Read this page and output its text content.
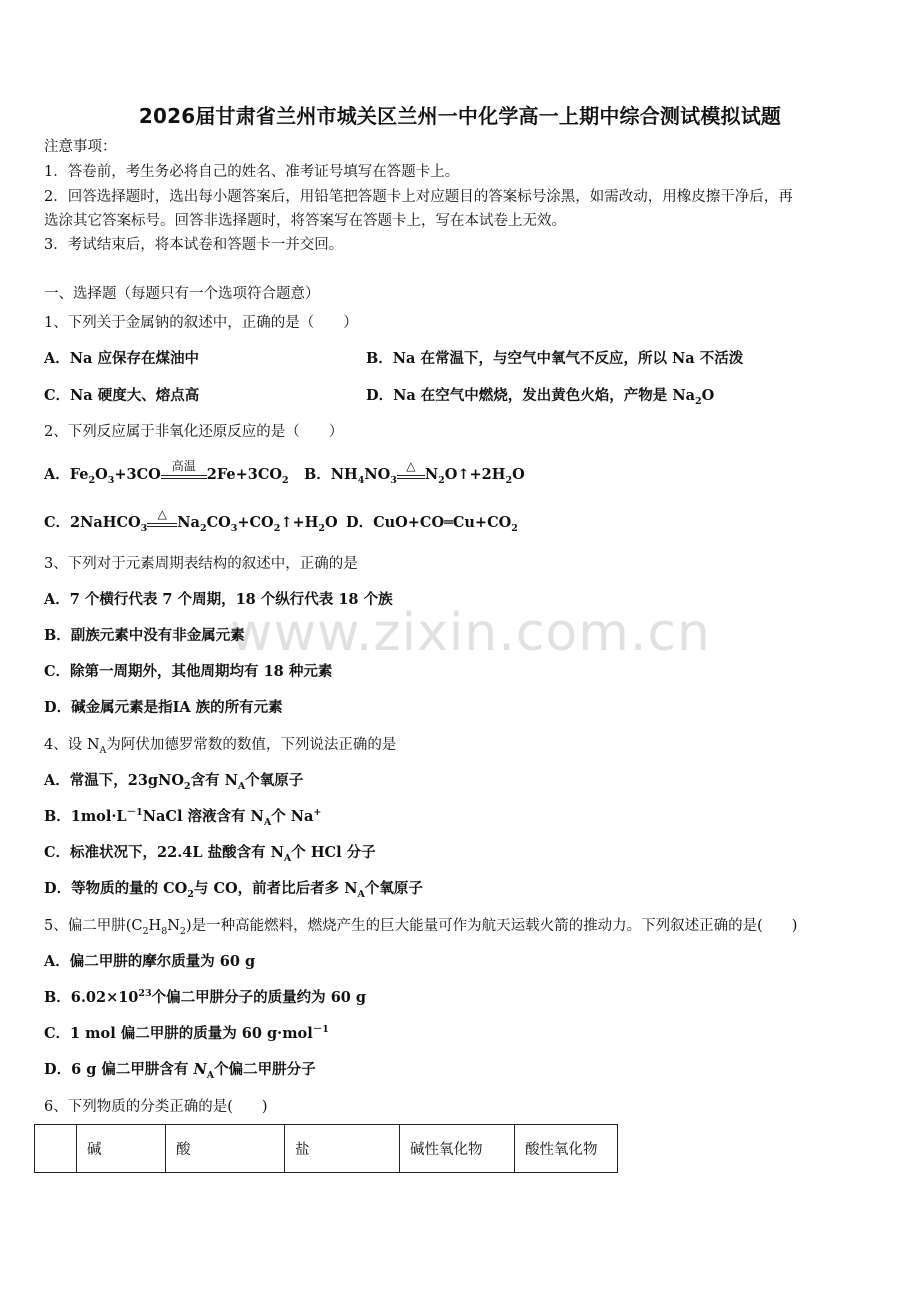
www.zixin.com.cn
2026届甘肃省兰州市城关区兰州一中化学高一上期中综合测试模拟试题
注意事项：
1．答卷前，考生务必将自己的姓名、准考证号填写在答题卡上。
2．回答选择题时，选出每小题答案后，用铅笔把答题卡上对应题目的答案标号涂黑，如需改动，用橡皮擦干净后，再
选涂其它答案标号。回答非选择题时，将答案写在答题卡上，写在本试卷上无效。
3．考试结束后，将本试卷和答题卡一并交回。
一、选择题（每题只有一个选项符合题意）
1、下列关于金属钠的叙述中，正确的是（　　）
A．Na 应保存在煤油中	B．Na 在常温下，与空气中氧气不反应，所以 Na 不活泼
C．Na 硬度大、熔点高	D．Na 在空气中燃烧，发出黄色火焰，产物是 $Na_2O$
2、下列反应属于非氧化还原反应的是（　　）
A．$Fe_2O_3+3CO$ 高温 $2Fe+3CO_2$ B．$NH_4NO_3$
△ $N_2O↑+2H_2O$
C．2NaHCO$_3$
△ $Na_2CO_3+CO_2↑+H_2O$ D．$CuO+CO═Cu+CO_2$
3、下列对于元素周期表结构的叙述中，正确的是
A．7 个横行代表 7 个周期，18 个纵行代表 18 个族
B．副族元素中没有非金属元素
C．除第一周期外，其他周期均有 18 种元素
D．碱金属元素是指IA 族的所有元素
4、设 $N_A$为阿伏加德罗常数的数值，下列说法正确的是
A．常温下，23gNO$_2$含有 $N_A$个氧原子
B．$1mol\cdot L^{-1}NaCl$ 溶液含有 $N_A$个 Na+
C．标准状况下，22.4L 盐酸含有 $N_A$个 HCl 分子
D．等物质的量的 $CO_2$与 CO，前者比后者多 $N_A$个氧原子
5、偏二甲肼$(C_2H_8N_2)$是一种高能燃料，燃烧产生的巨大能量可作为航天运载火箭的推动力。下列叙述正确的是(　　)
A．偏二甲肼的摩尔质量为 60 g
B．$6.02\times 10^{23}$个偏二甲肼分子的质量约为 60 g
C．1 mol 偏二甲肼的质量为 60 g·mol$^{-1}$
D．6 g 偏二甲肼含有 $N_A$个偏二甲肼分子
6、下列物质的分类正确的是(　　)
	碱	酸	盐	碱性氧化物	酸性氧化物
